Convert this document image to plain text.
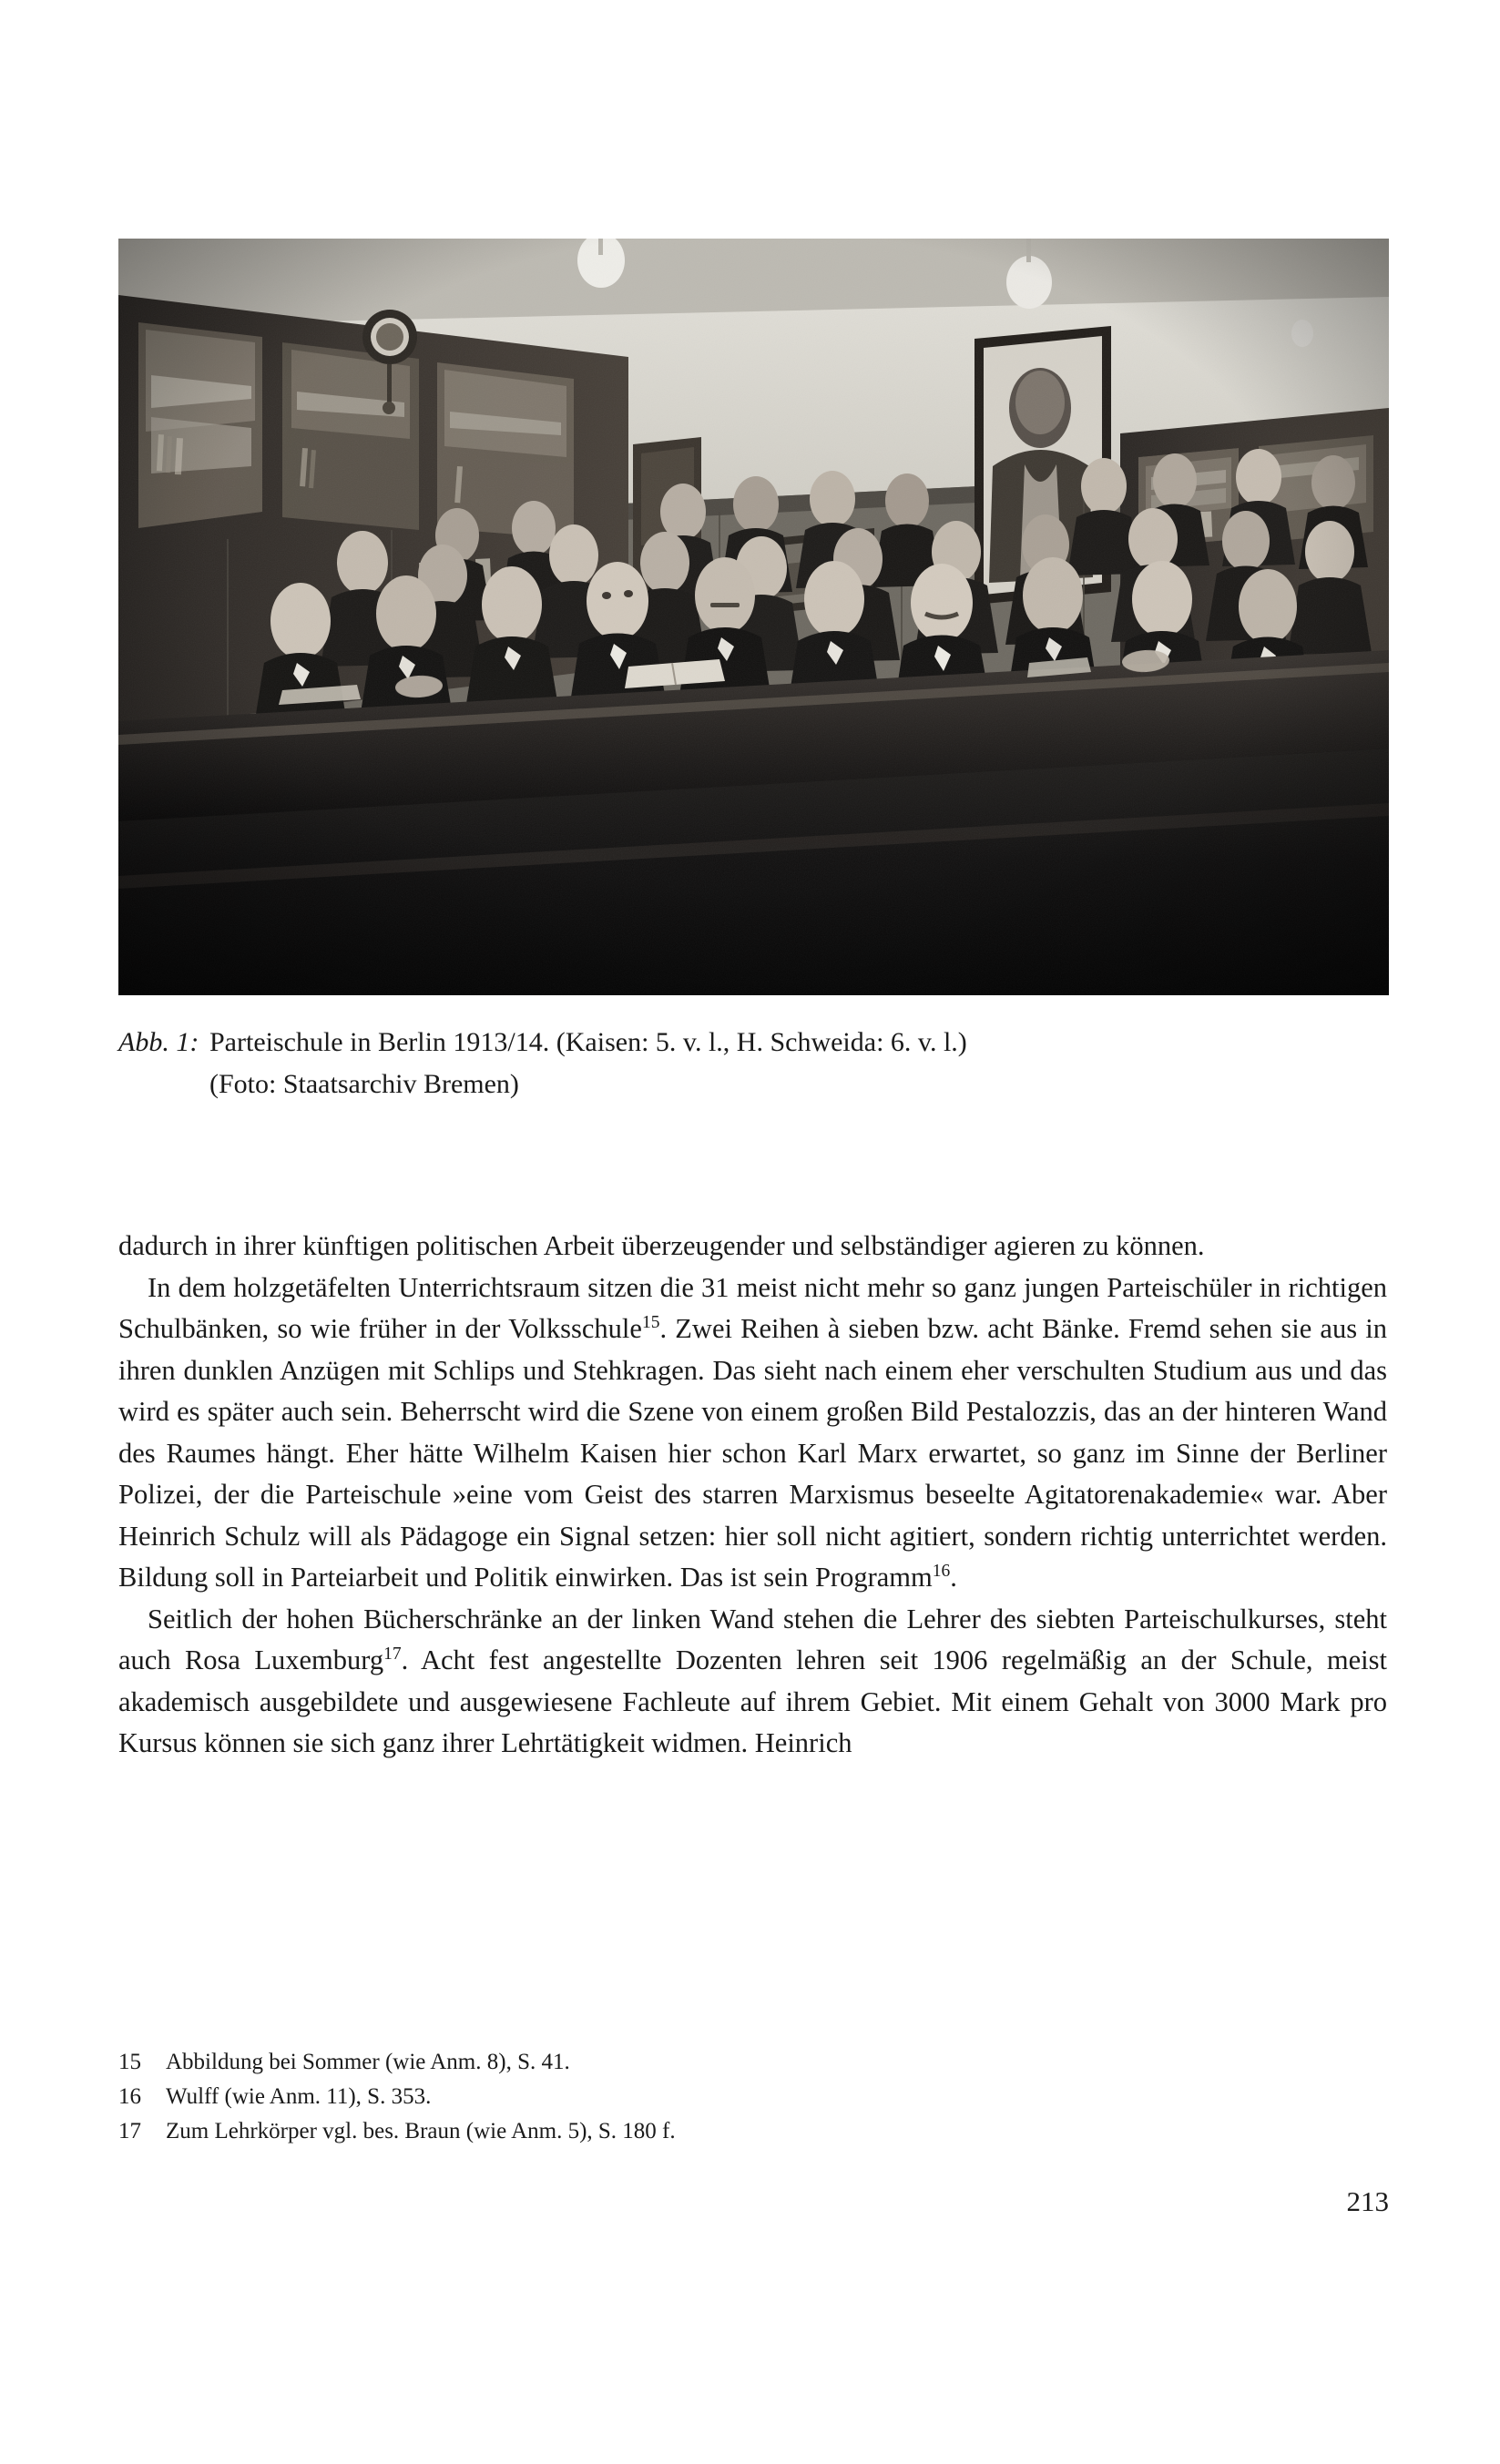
Abb. 1: Parteischule in Berlin 1913/14. (Kaisen: 5. v. l., H. Schweida: 6. v. l.)
(Foto: Staatsarchiv Bremen)

dadurch in ihrer künftigen politischen Arbeit überzeugender und selbständiger agieren zu können.

In dem holzgetäfelten Unterrichtsraum sitzen die 31 meist nicht mehr so ganz jungen Parteischüler in richtigen Schulbänken, so wie früher in der Volksschule$^{15}$. Zwei Reihen à sieben bzw. acht Bänke. Fremd sehen sie aus in ihren dunklen Anzügen mit Schlips und Stehkragen. Das sieht nach einem eher verschulten Studium aus und das wird es später auch sein. Beherrscht wird die Szene von einem großen Bild Pestalozzis, das an der hinteren Wand des Raumes hängt. Eher hätte Wilhelm Kaisen hier schon Karl Marx erwartet, so ganz im Sinne der Berliner Polizei, der die Parteischule »eine vom Geist des starren Marxismus beseelte Agitatorenakademie« war. Aber Heinrich Schulz will als Pädagoge ein Signal setzen: hier soll nicht agitiert, sondern richtig unterrichtet werden. Bildung soll in Parteiarbeit und Politik einwirken. Das ist sein Programm$^{16}$.

Seitlich der hohen Bücherschränke an der linken Wand stehen die Lehrer des siebten Parteischulkurses, steht auch Rosa Luxemburg$^{17}$. Acht fest angestellte Dozenten lehren seit 1906 regelmäßig an der Schule, meist akademisch ausgebildete und ausgewiesene Fachleute auf ihrem Gebiet. Mit einem Gehalt von 3000 Mark pro Kursus können sie sich ganz ihrer Lehrtätigkeit widmen. Heinrich

15	Abbildung bei Sommer (wie Anm. 8), S. 41.
16	Wulff (wie Anm. 11), S. 353.
17	Zum Lehrkörper vgl. bes. Braun (wie Anm. 5), S. 180 f.
213
